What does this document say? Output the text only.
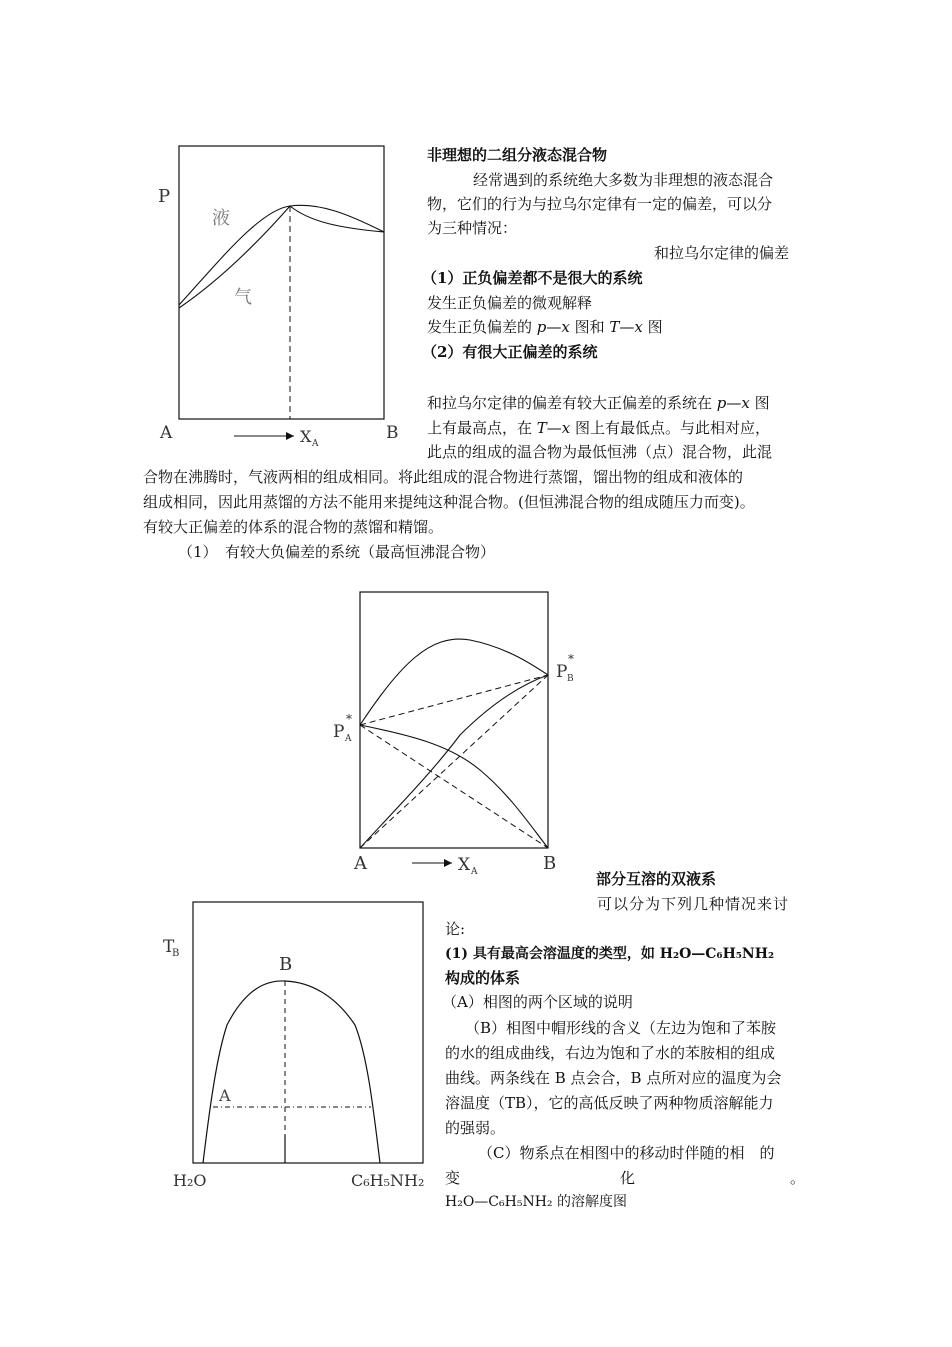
P
液
气
A	B
X A
非理想的二组分液态混合物
经常遇到的系统绝大多数为非理想的液态混合
物，它们的行为与拉乌尔定律有一定的偏差，可以分
为三种情况：
和拉乌尔定律的偏差
（1）正负偏差都不是很大的系统
发生正负偏差的微观解释
发生正负偏差的 p—x 图和 T—x 图
（2）有很大正偏差的系统
和拉乌尔定律的偏差有较大正偏差的系统在 p—x 图
上有最高点，在 T—x 图上有最低点。与此相对应，
此点的组成的温合物为最低恒沸（点）混合物，此混
合物在沸腾时，气液两相的组成相同。将此组成的混合物进行蒸馏，馏出物的组成和液体的
组成相同，因此用蒸馏的方法不能用来提纯这种混合物。(但恒沸混合物的组成随压力而变)。
有较大正偏差的体系的混合物的蒸馏和精馏。
（1）　有较大负偏差的系统（最高恒沸混合物）
P A
*
P B
*
A	B
X A	部分互溶的双液系
可以分为下列几种情况来讨
论:
(1) 具有最高会溶温度的类型，如 H₂O—C₆H₅NH₂
构成的体系
（A）相图的两个区域的说明
（B）相图中帽形线的含义（左边为饱和了苯胺
的水的组成曲线，右边为饱和了水的苯胺相的组成
曲线。两条线在 B 点会合，B 点所对应的温度为会
溶温度（TB），它的高低反映了两种物质溶解能力
的强弱。
（C）物系点在相图中的移动时伴随的相　的
变	化	。
H₂O—C₆H₅NH₂ 的溶解度图
T
B
B
A
H₂O	C₆H₅NH₂
